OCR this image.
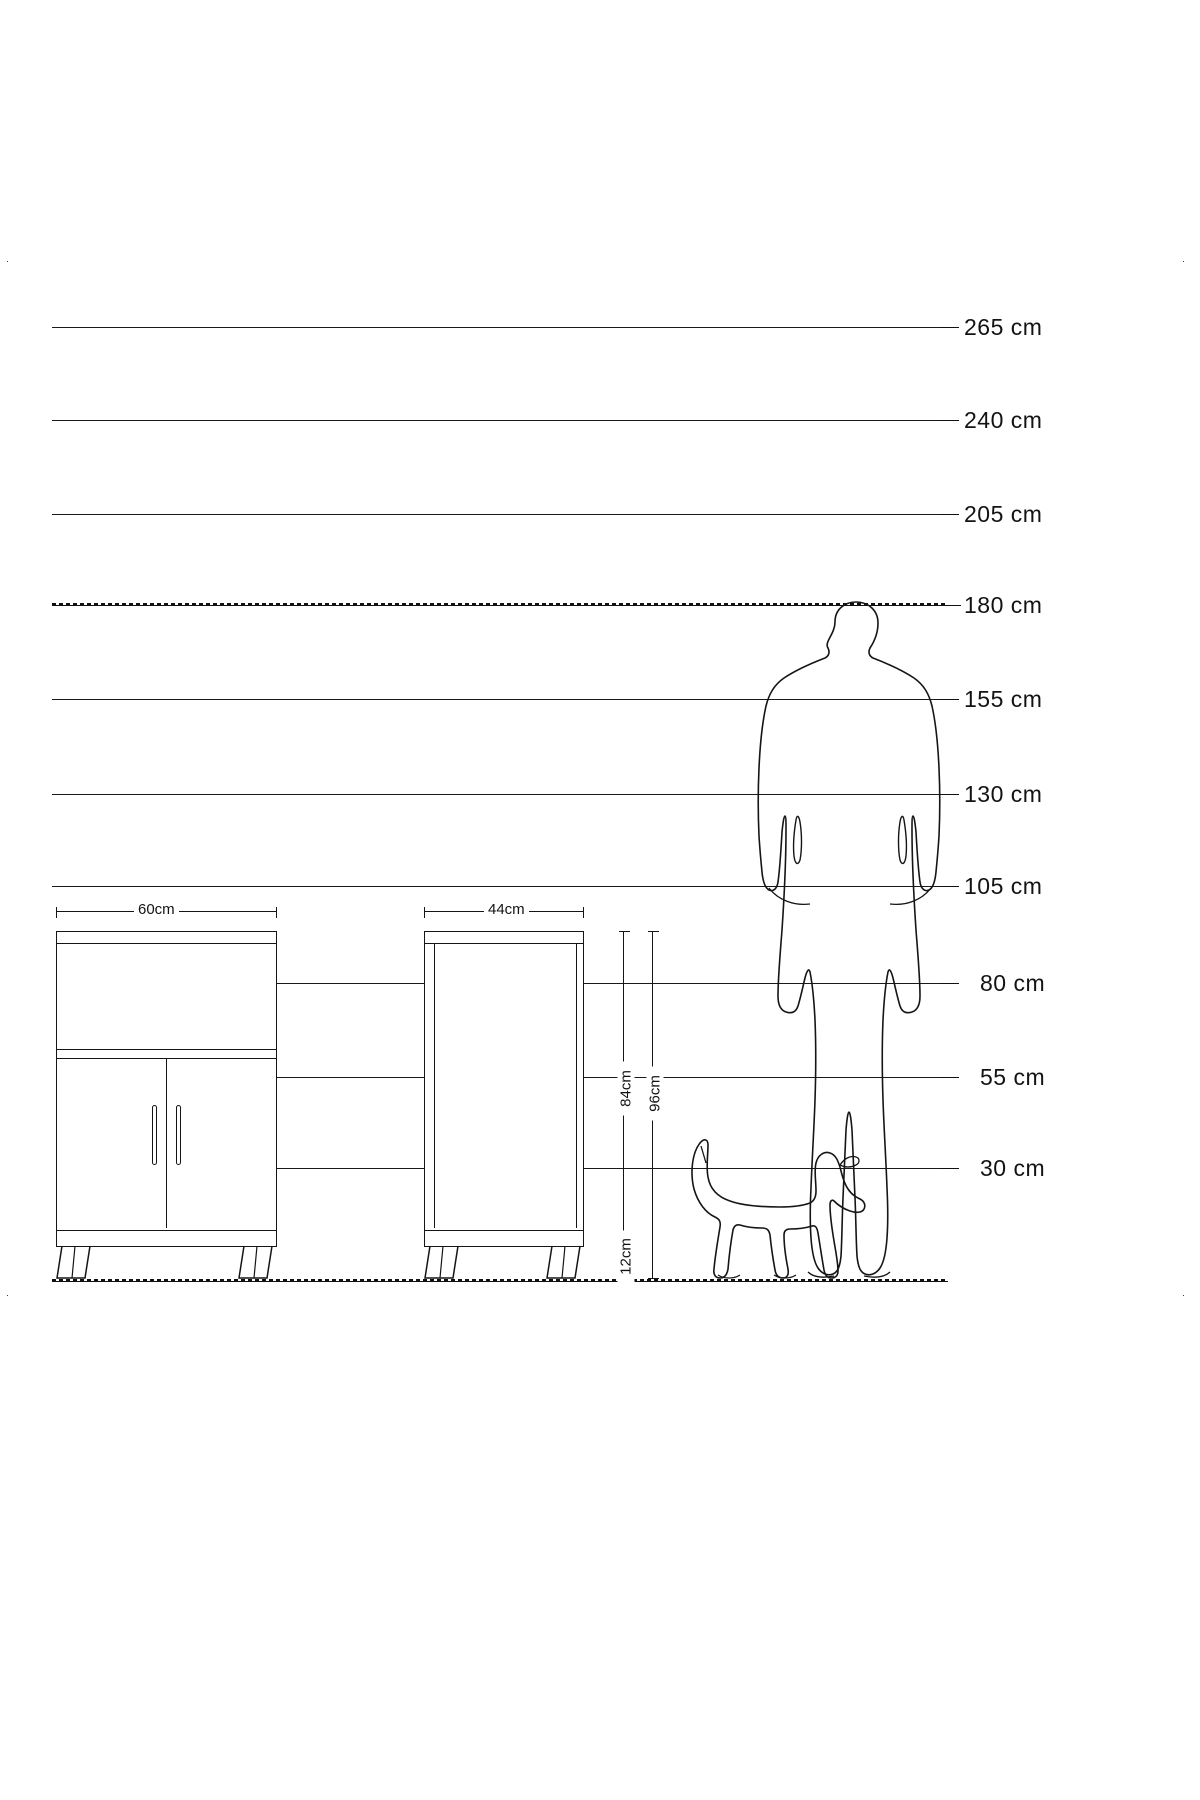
·	·
·	·
265 cm
240 cm
205 cm
180 cm
155 cm
130 cm
105 cm
80 cm
55 cm
30 cm
60cm	44cm
84cm 96cm
12cm
